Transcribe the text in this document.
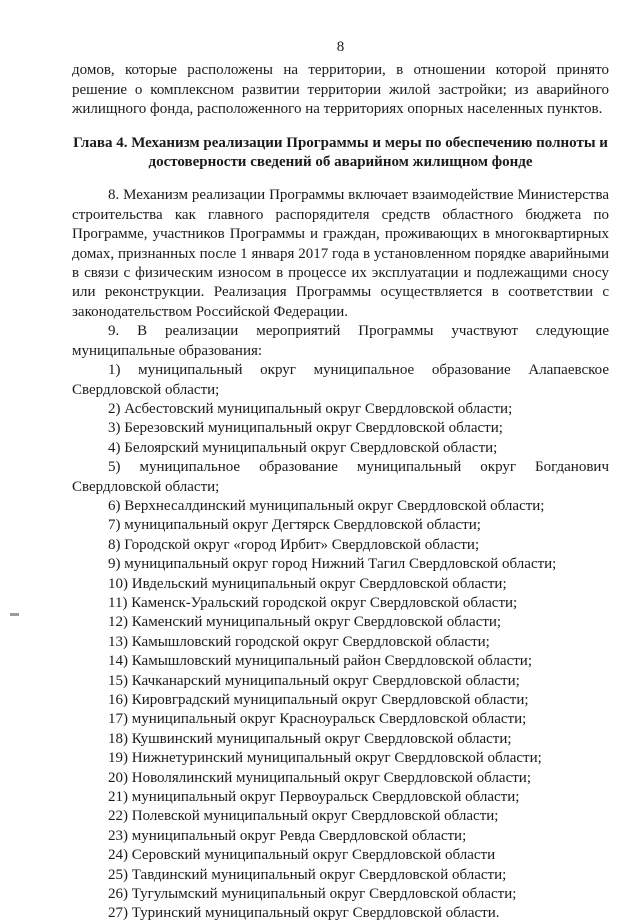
8

домов, которые расположены на территории, в отношении которой принято решение о комплексном развитии территории жилой застройки; из аварийного жилищного фонда, расположенного на территориях опорных населенных пунктов.

Глава 4. Механизм реализации Программы и меры по обеспечению полноты и достоверности сведений об аварийном жилищном фонде

8. Механизм реализации Программы включает взаимодействие Министерства строительства как главного распорядителя средств областного бюджета по Программе, участников Программы и граждан, проживающих в многоквартирных домах, признанных после 1 января 2017 года в установленном порядке аварийными в связи с физическим износом в процессе их эксплуатации и подлежащими сносу или реконструкции. Реализация Программы осуществляется в соответствии с законодательством Российской Федерации.

9. В реализации мероприятий Программы участвуют следующие муниципальные образования:

1) муниципальный округ муниципальное образование Алапаевское Свердловской области;

2) Асбестовский муниципальный округ Свердловской области;

3) Березовский муниципальный округ Свердловской области;

4) Белоярский муниципальный округ Свердловской области;

5) муниципальное образование муниципальный округ Богданович Свердловской области;

6) Верхнесалдинский муниципальный округ Свердловской области;

7) муниципальный округ Дегтярск Свердловской области;

8) Городской округ «город Ирбит» Свердловской области;

9) муниципальный округ город Нижний Тагил Свердловской области;

10) Ивдельский муниципальный округ Свердловской области;

11) Каменск-Уральский городской округ Свердловской области;

12) Каменский муниципальный округ Свердловской области;

13) Камышловский городской округ Свердловской области;

14) Камышловский муниципальный район Свердловской области;

15) Качканарский муниципальный округ Свердловской области;

16) Кировградский муниципальный округ Свердловской области;

17) муниципальный округ Красноуральск Свердловской области;

18) Кушвинский муниципальный округ Свердловской области;

19) Нижнетуринский муниципальный округ Свердловской области;

20) Новолялинский муниципальный округ Свердловской области;

21) муниципальный округ Первоуральск Свердловской области;

22) Полевской муниципальный округ Свердловской области;

23) муниципальный округ Ревда Свердловской области;

24) Серовский муниципальный округ Свердловской области

25) Тавдинский муниципальный округ Свердловской области;

26) Тугулымский муниципальный округ Свердловской области;

27) Туринский муниципальный округ Свердловской области.
